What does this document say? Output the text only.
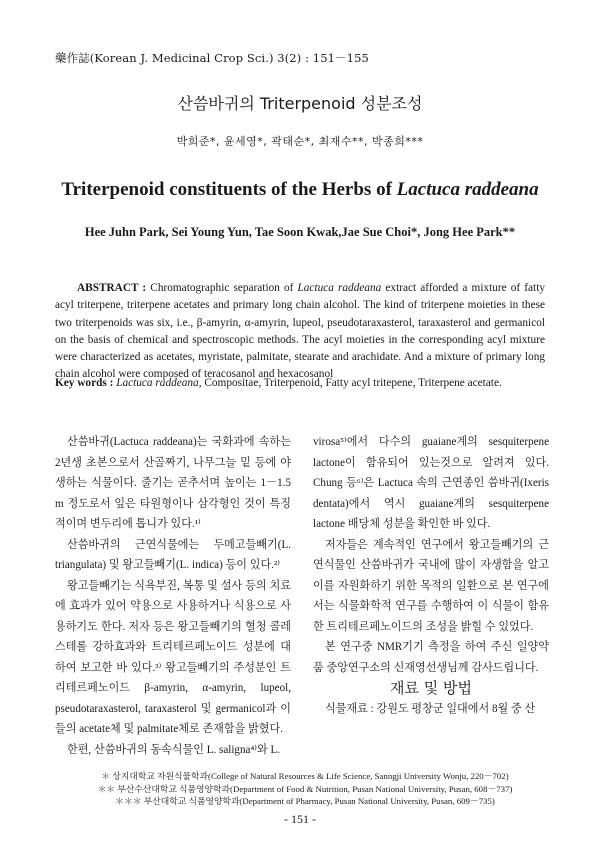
藥作誌(Korean J. Medicinal Crop Sci.) 3(2) : 151－155
산씀바귀의 Triterpenoid 성분조성
박희준*, 윤세영*, 곽태순*, 최재수**, 박종희***
Triterpenoid constituents of the Herbs of Lactuca raddeana
Hee Juhn Park, Sei Young Yun, Tae Soon Kwak,Jae Sue Choi*, Jong Hee Park**
ABSTRACT : Chromatographic separation of Lactuca raddeana extract afforded a mixture of fatty acyl triterpene, triterpene acetates and primary long chain alcohol. The kind of triterpene moieties in these two triterpenoids was six, i.e., β-amyrin, α-amyrin, lupeol, pseudotaraxasterol, taraxasterol and germanicol on the basis of chemical and spectroscopic methods. The acyl moieties in the corresponding acyl mixture were characterized as acetates, myristate, palmitate, stearate and arachidate. And a mixture of primary long chain alcohol were composed of teracosanol and hexacosanol
Key words : Lactuca raddeana, Compositae, Triterpenoid, Fatty acyl tritepene, Triterpene acetate.

산씀바귀(Lactuca raddeana)는 국화과에 속하는 2년생 초본으로서 산골짜기, 나무그늘 밑 등에 야생하는 식물이다. 줄기는 곧추서며 높이는 1－1.5 m 정도로서 잎은 타원형이나 삼각형인 것이 특징적이며 변두리에 톱니가 있다.¹⁾

산씀바귀의 근연식물에는 두메고들빼기(L. triangulata) 및 왕고들빼기(L. indica) 등이 있다.²⁾

왕고들빼기는 식욕부진, 복통 및 설사 등의 치료에 효과가 있어 약용으로 사용하거나 식용으로 사용하기도 한다. 저자 등은 왕고들빼기의 혈청 콜레스테롤 강하효과와 트리테르페노이드 성분에 대하여 보고한 바 있다.³⁾ 왕고들빼기의 주성분인 트리테르페노이드 β-amyrin, α-amyrin, lupeol, pseudotaraxasterol, taraxasterol 및 germanicol과 이들의 acetate체 및 palmitate체로 존재함을 밝혔다.

한편, 산씀바귀의 동속식물인 L. saligna⁴⁾와 L.

virosa⁵⁾에서 다수의 guaiane계의 sesquiterpene lactone이 함유되어 있는것으로 알려져 있다. Chung 등⁶⁾은 Lactuca 속의 근연종인 씀바귀(Ixeris dentata)에서 역시 guaiane계의 sesquiterpene lactone 배당체 성분을 확인한 바 있다.

저자들은 계속적인 연구에서 왕고들빼기의 근연식물인 산씀바귀가 국내에 많이 자생함을 알고 이를 자원화하기 위한 목적의 일환으로 본 연구에서는 식물화학적 연구를 수행하여 이 식물이 함유한 트리테르페노이드의 조성을 밝힐 수 있었다.

본 연구중 NMR기기 측정을 하여 주신 일양약품 중앙연구소의 신재영선생님께 감사드립니다.

재료 및 방법

식물재료 : 강원도 평창군 일대에서 8월 중 산

＊ 상지대학교 자원식물학과(College of Natural Resources & Life Science, Sanngji University Wonju, 220－702)
＊＊ 부산수산대학교 식품영양학과(Department of Food & Nutrition, Pusan National University, Pusan, 608－737)
＊＊＊ 부산대학교 식품영양학과(Department of Pharmacy, Pusan National University, Pusan, 609－735)
- 151 -
